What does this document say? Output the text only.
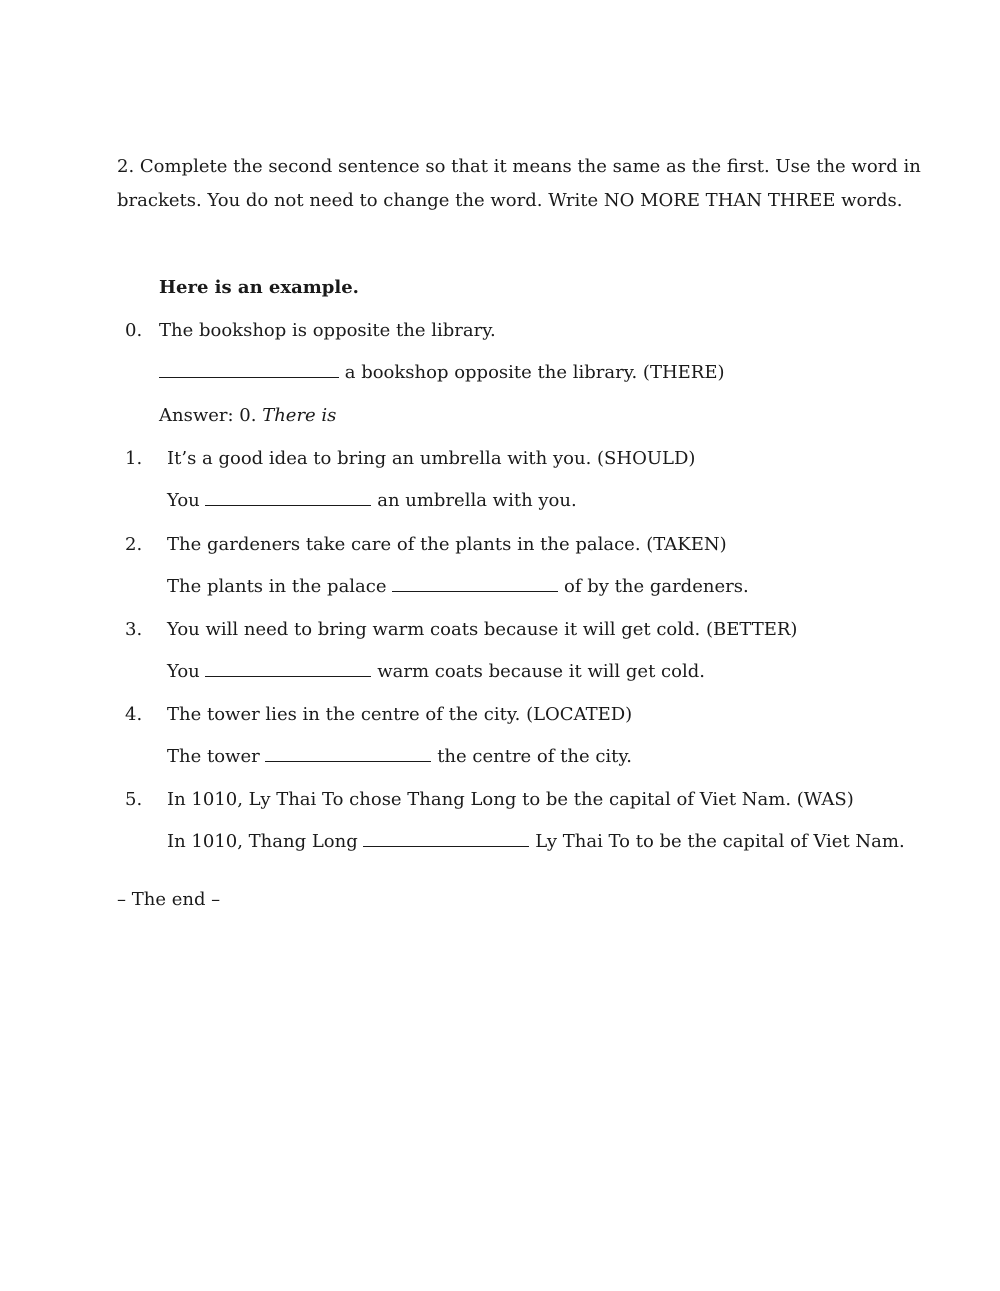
2. Complete the second sentence so that it means the same as the first. Use the word in
brackets. You do not need to change the word. Write NO MORE THAN THREE words.
Here is an example.
0. The bookshop is opposite the library.
a bookshop opposite the library. (THERE)
Answer: 0. There is
1. It’s a good idea to bring an umbrella with you. (SHOULD)
You	an umbrella with you.
2. The gardeners take care of the plants in the palace. (TAKEN)
The plants in the palace	of by the gardeners.
3. You will need to bring warm coats because it will get cold. (BETTER)
You	warm coats because it will get cold.
4. The tower lies in the centre of the city. (LOCATED)
The tower	the centre of the city.
5. In 1010, Ly Thai To chose Thang Long to be the capital of Viet Nam. (WAS)
In 1010, Thang Long	Ly Thai To to be the capital of Viet Nam.
– The end –
